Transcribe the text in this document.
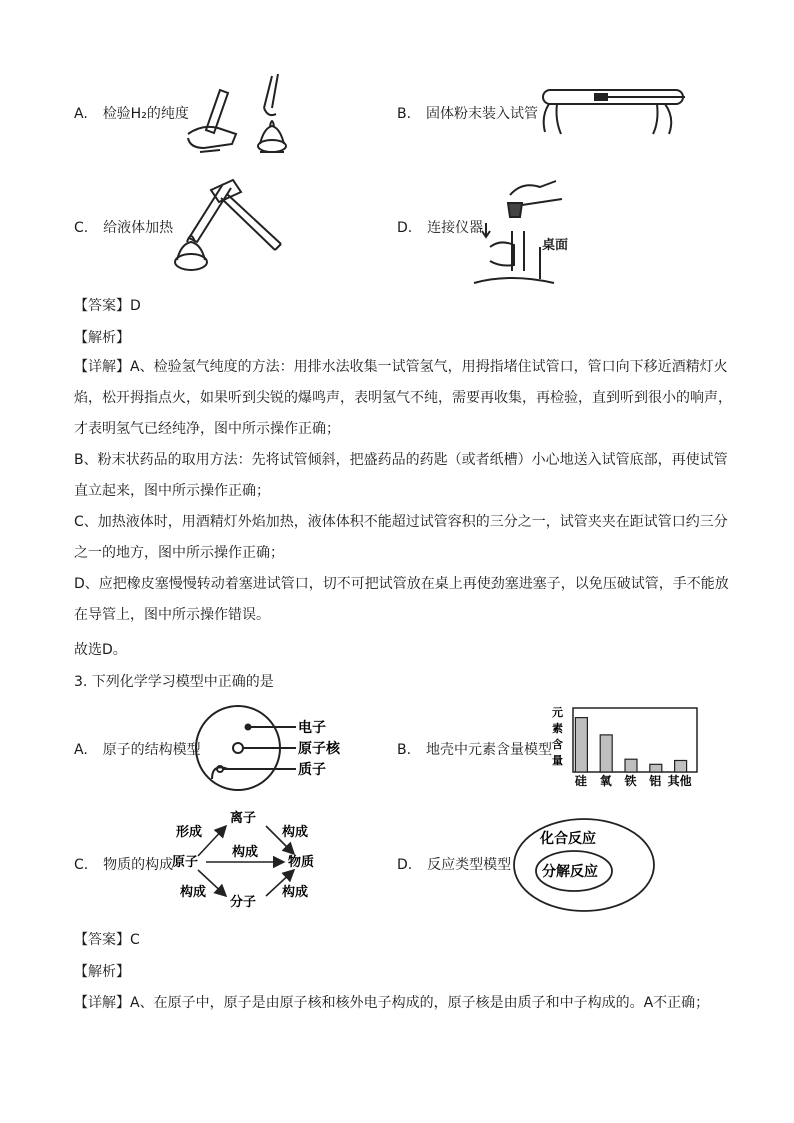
A. 检验H₂的纯度	B. 固体粉末装入试管
C. 给液体加热	D. 连接仪器
桌面
【答案】D
【解析】
【详解】A、检验氢气纯度的方法：用排水法收集一试管氢气，用拇指堵住试管口，管口向下移近酒精灯火焰，松开拇指点火，如果听到尖锐的爆鸣声，表明氢气不纯，需要再收集，再检验，直到听到很小的响声，才表明氢气已经纯净，图中所示操作正确；
B、粉末状药品的取用方法：先将试管倾斜，把盛药品的药匙（或者纸槽）小心地送入试管底部，再使试管直立起来，图中所示操作正确；
C、加热液体时，用酒精灯外焰加热，液体体积不能超过试管容积的三分之一，试管夹夹在距试管口约三分之一的地方，图中所示操作正确；
D、应把橡皮塞慢慢转动着塞进试管口，切不可把试管放在桌上再使劲塞进塞子，以免压破试管，手不能放在导管上，图中所示操作错误。
故选D。
3. 下列化学学习模型中正确的是
A. 原子的结构模型
电子
原子核
质子
B. 地壳中元素含量模型
元
素
含
量
硅 氧 铁 铝 其他
C. 物质的构成
形成
离子
构成
原子
构成
物质
构成
分子
构成
D. 反应类型模型
化合反应
分解反应
【答案】C
【解析】
【详解】A、在原子中，原子是由原子核和核外电子构成的，原子核是由质子和中子构成的。A不正确；
